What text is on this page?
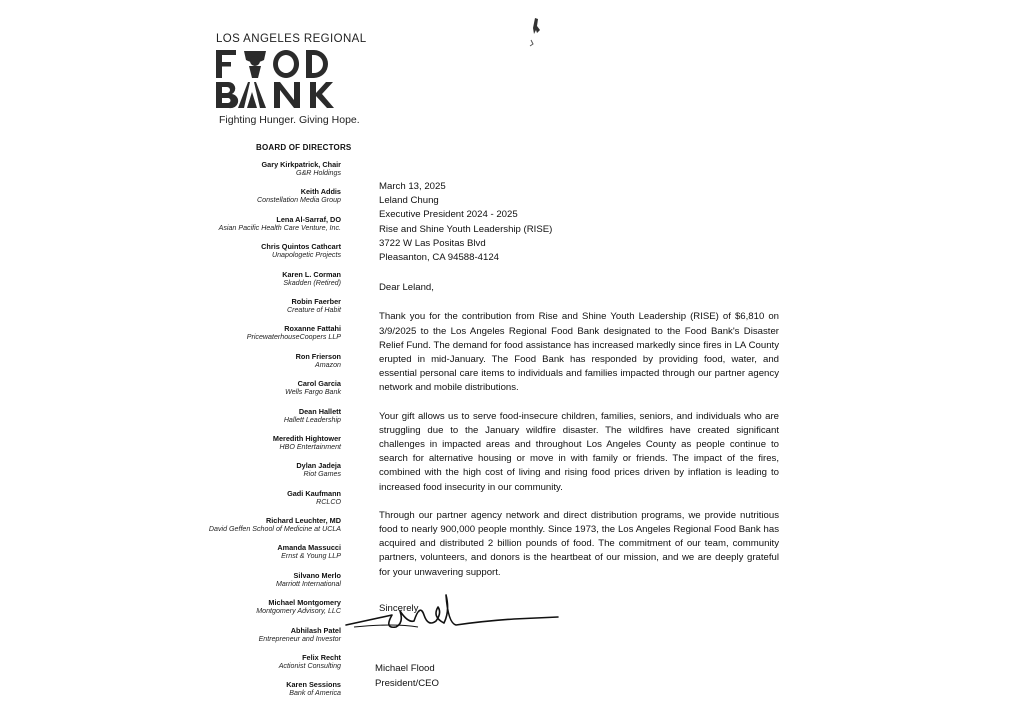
LOS ANGELES REGIONAL
Fighting Hunger. Giving Hope.
BOARD OF DIRECTORS
Gary Kirkpatrick, Chair
G&R Holdings
Keith Addis
Constellation Media Group
Lena Al-Sarraf, DO
Asian Pacific Health Care Venture, Inc.
Chris Quintos Cathcart
Unapologetic Projects
Karen L. Corman
Skadden (Retired)
Robin Faerber
Creature of Habit
Roxanne Fattahi
PricewaterhouseCoopers LLP
Ron Frierson
Amazon
Carol Garcia
Wells Fargo Bank
Dean Hallett
Hallett Leadership
Meredith Hightower
HBO Entertainment
Dylan Jadeja
Riot Games
Gadi Kaufmann
RCLCO
Richard Leuchter, MD
David Geffen School of Medicine at UCLA
Amanda Massucci
Ernst & Young LLP
Silvano Merlo
Marriott International
Michael Montgomery
Montgomery Advisory, LLC
Abhilash Patel
Entrepreneur and Investor
Felix Recht
Actionist Consulting
Karen Sessions
Bank of America

March 13, 2025

Leland Chung
Executive President 2024 - 2025
Rise and Shine Youth Leadership (RISE)
3722 W Las Positas Blvd
Pleasanton, CA 94588-4124

Dear Leland,

Thank you for the contribution from Rise and Shine Youth Leadership (RISE) of $6,810 on 3/9/2025 to the Los Angeles Regional Food Bank designated to the Food Bank's Disaster Relief Fund. The demand for food assistance has increased markedly since fires in LA County erupted in mid-January. The Food Bank has responded by providing food, water, and essential personal care items to individuals and families impacted through our partner agency network and mobile distributions.

Your gift allows us to serve food-insecure children, families, seniors, and individuals who are struggling due to the January wildfire disaster. The wildfires have created significant challenges in impacted areas and throughout Los Angeles County as people continue to search for alternative housing or move in with family or friends. The impact of the fires, combined with the high cost of living and rising food prices driven by inflation is leading to increased food insecurity in our community.

Through our partner agency network and direct distribution programs, we provide nutritious food to nearly 900,000 people monthly. Since 1973, the Los Angeles Regional Food Bank has acquired and distributed 2 billion pounds of food. The commitment of our team, community partners, volunteers, and donors is the heartbeat of our mission, and we are deeply grateful for your unwavering support.

Sincerely,
Michael Flood
President/CEO
